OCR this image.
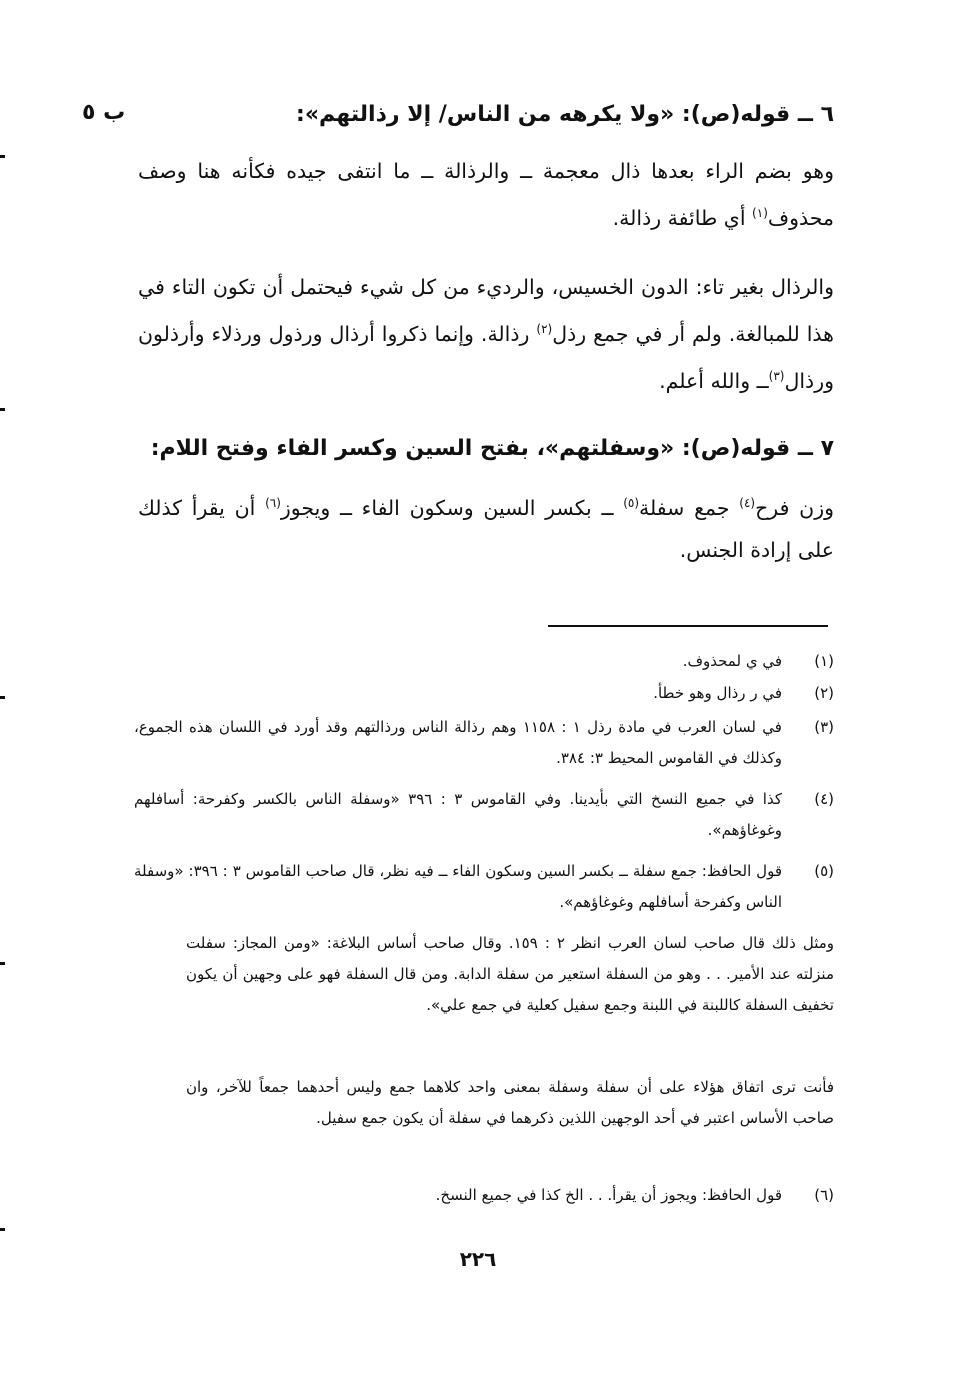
ب ٥	٦ ــ قوله(ص): «ولا يكرهه من الناس/ إلا رذالتهم»:
وهو بضم الراء بعدها ذال معجمة ــ والرذالة ــ ما انتفى جيده فكأنه هنا وصف محذوف$^{(١)}$ أي طائفة رذالة.
والرذال بغير تاء: الدون الخسيس، والرديء من كل شيء فيحتمل أن تكون التاء في هذا للمبالغة. ولم أر في جمع رذل$^{(٢)}$ رذالة. وإنما ذكروا أرذال ورذول ورذلاء وأرذلون ورذال$^{(٣)}$ــ والله أعلم.
٧ ــ قوله(ص): «وسفلتهم»، بفتح السين وكسر الفاء وفتح اللام:
وزن فرح$^{(٤)}$ جمع سفلة$^{(٥)}$ ــ بكسر السين وسكون الفاء ــ ويجوز$^{(٦)}$ أن يقرأ كذلك على إرادة الجنس.
(١)
في ي لمحذوف.
(٢)
في ر رذال وهو خطأ.
(٣)
في لسان العرب في مادة رذل ١ : ١١٥٨ وهم رذالة الناس ورذالتهم وقد أورد في اللسان هذه الجموع، وكذلك في القاموس المحيط ٣: ٣٨٤.
(٤)
كذا في جميع النسخ التي بأيدينا. وفي القاموس ٣ : ٣٩٦ «وسفلة الناس بالكسر وكفرحة: أسافلهم وغوغاؤهم».
(٥)
قول الحافظ: جمع سفلة ــ بكسر السين وسكون الفاء ــ فيه نظر، قال صاحب القاموس ٣ : ٣٩٦: «وسفلة الناس وكفرحة أسافلهم وغوغاؤهم».
ومثل ذلك قال صاحب لسان العرب انظر ٢ : ١٥٩. وقال صاحب أساس البلاغة: «ومن المجاز: سفلت منزلته عند الأمير. . . وهو من السفلة استعير من سفلة الدابة. ومن قال السفلة فهو على وجهين أن يكون تخفيف السفلة كاللبنة في اللبنة وجمع سفيل كعلية في جمع علي».
فأنت ترى اتفاق هؤلاء على أن سفلة وسفلة بمعنى واحد كلاهما جمع وليس أحدهما جمعاً للآخر، وان صاحب الأساس اعتبر في أحد الوجهين اللذين ذكرهما في سفلة أن يكون جمع سفيل.
(٦)
قول الحافظ: ويجوز أن يقرأ. . . الخ كذا في جميع النسخ.
٢٢٦
